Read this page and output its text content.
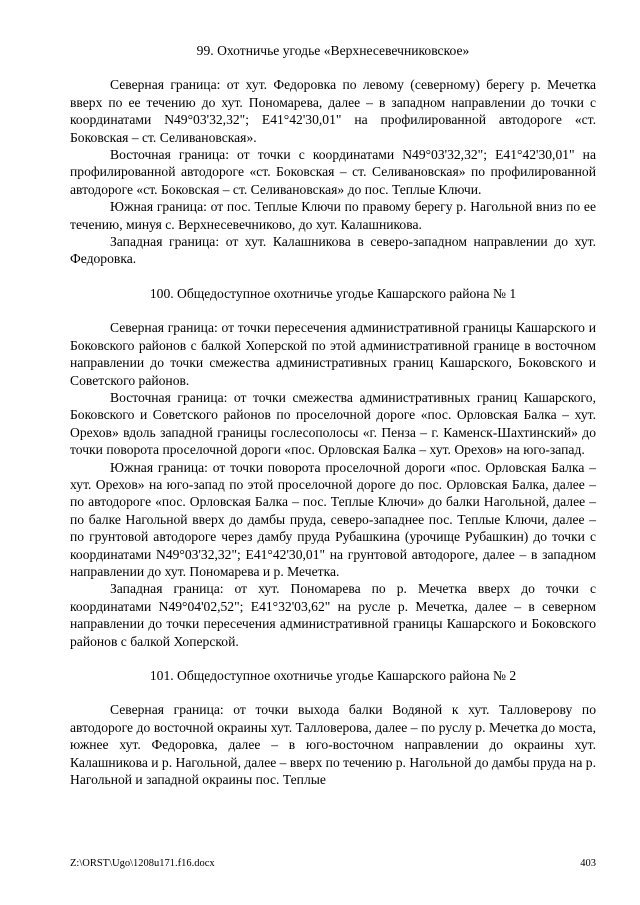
99. Охотничье угодье «Верхнесевечниковское»

Северная граница: от хут. Федоровка по левому (северному) берегу р. Мечетка вверх по ее течению до хут. Пономарева, далее – в западном направлении до точки с координатами N49°03'32,32"; E41°42'30,01" на профилированной автодороге «ст. Боковская – ст. Селивановская».

Восточная граница: от точки с координатами N49°03'32,32"; E41°42'30,01" на профилированной автодороге «ст. Боковская – ст. Селивановская» по профилированной автодороге «ст. Боковская – ст. Селивановская» до пос. Теплые Ключи.

Южная граница: от пос. Теплые Ключи по правому берегу р. Нагольной вниз по ее течению, минуя с. Верхнесевечниково, до хут. Калашникова.

Западная граница: от хут. Калашникова в северо-западном направлении до хут. Федоровка.

100. Общедоступное охотничье угодье Кашарского района № 1

Северная граница: от точки пересечения административной границы Кашарского и Боковского районов с балкой Хоперской по этой административной границе в восточном направлении до точки смежества административных границ Кашарского, Боковского и Советского районов.

Восточная граница: от точки смежества административных границ Кашарского, Боковского и Советского районов по проселочной дороге «пос. Орловская Балка – хут. Орехов» вдоль западной границы гослесополосы «г. Пенза – г. Каменск-Шахтинский» до точки поворота проселочной дороги «пос. Орловская Балка – хут. Орехов» на юго-запад.

Южная граница: от точки поворота проселочной дороги «пос. Орловская Балка – хут. Орехов» на юго-запад по этой проселочной дороге до пос. Орловская Балка, далее – по автодороге «пос. Орловская Балка – пос. Теплые Ключи» до балки Нагольной, далее – по балке Нагольной вверх до дамбы пруда, северо-западнее пос. Теплые Ключи, далее – по грунтовой автодороге через дамбу пруда Рубашкина (урочище Рубашкин) до точки с координатами N49°03'32,32"; E41°42'30,01" на грунтовой автодороге, далее – в западном направлении до хут. Пономарева и р. Мечетка.

Западная граница: от хут. Пономарева по р. Мечетка вверх до точки с координатами N49°04'02,52"; E41°32'03,62" на русле р. Мечетка, далее – в северном направлении до точки пересечения административной границы Кашарского и Боковского районов с балкой Хоперской.

101. Общедоступное охотничье угодье Кашарского района № 2

Северная граница: от точки выхода балки Водяной к хут. Талловерову по автодороге до восточной окраины хут. Талловерова, далее – по руслу р. Мечетка до моста, южнее хут. Федоровка, далее – в юго-восточном направлении до окраины хут. Калашникова и р. Нагольной, далее – вверх по течению р. Нагольной до дамбы пруда на р. Нагольной и западной окраины пос. Теплые

Z:\ORST\Ugo\1208u171.f16.docx	403
